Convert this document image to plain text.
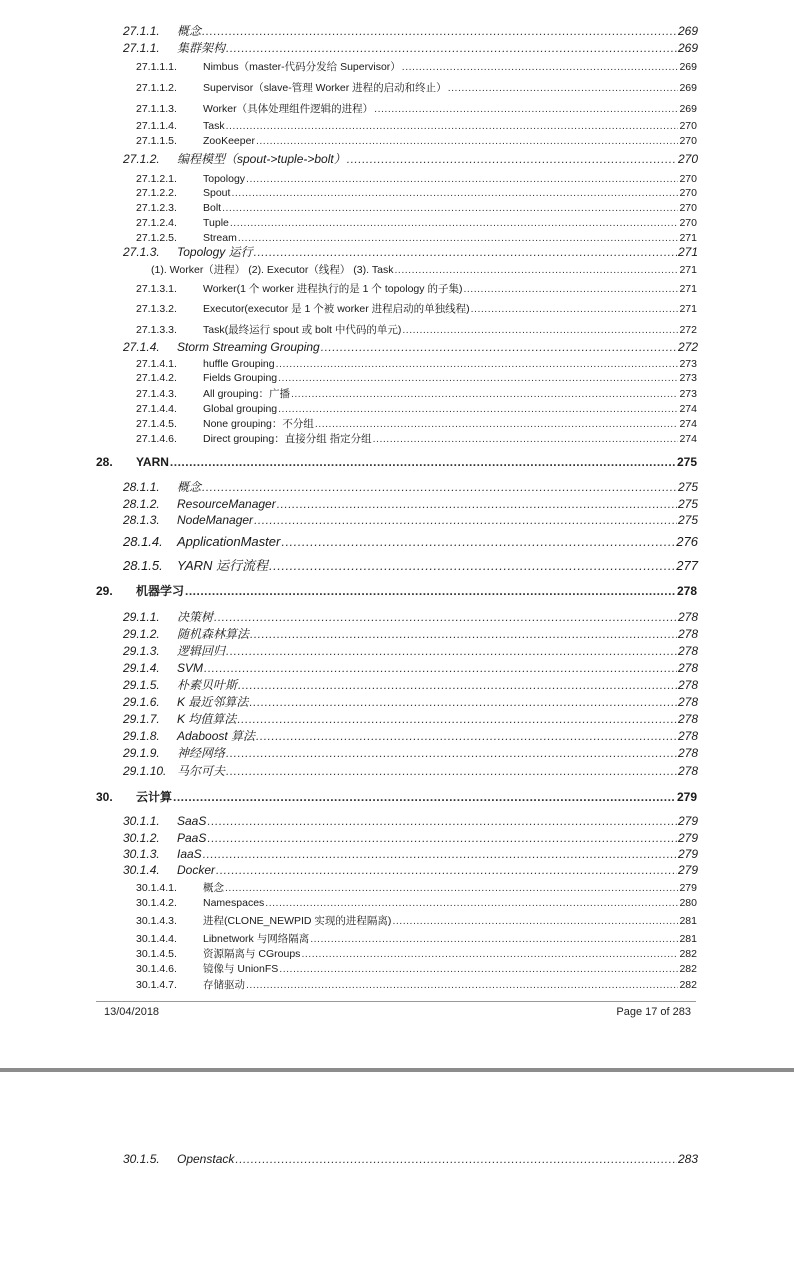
27.1.1.	概念 .....	269
27.1.1.	集群架构 .....	269
27.1.1.1.	Nimbus（master-代码分发给 Supervisor） .....	269
27.1.1.2.	Supervisor（slave-管理 Worker 进程的启动和终止） .....	269
27.1.1.3.	Worker（具体处理组件逻辑的进程） .....	269
27.1.1.4.	Task .....	270
27.1.1.5.	ZooKeeper .....	270
27.1.2.	编程模型（spout->tuple->bolt） .....	270
27.1.2.1.	Topology .....	270
27.1.2.2.	Spout .....	270
27.1.2.3.	Bolt .....	270
27.1.2.4.	Tuple .....	270
27.1.2.5.	Stream .....	271
27.1.3.	Topology 运行 .....	271
(1). Worker（进程） (2). Executor（线程） (3). Task .....	271
27.1.3.1.	Worker(1 个 worker 进程执行的是 1 个 topology 的子集) .....	271
27.1.3.2.	Executor(executor 是 1 个被 worker 进程启动的单独线程) .....	271
27.1.3.3.	Task(最终运行 spout 或 bolt 中代码的单元) .....	272
27.1.4.	Storm Streaming Grouping .....	272
27.1.4.1.	huffle Grouping .....	273
27.1.4.2.	Fields Grouping .....	273
27.1.4.3.	All grouping：广播 .....	273
27.1.4.4.	Global grouping .....	274
27.1.4.5.	None grouping：不分组 .....	274
27.1.4.6.	Direct grouping：直接分组 指定分组 .....	274
28.	YARN .....	275
28.1.1.	概念 .....	275
28.1.2.	ResourceManager .....	275
28.1.3.	NodeManager .....	275
28.1.4.	ApplicationMaster .....	276
28.1.5.	YARN 运行流程 .....	277
29.	机器学习 .....	278
29.1.1.	决策树 .....	278
29.1.2.	随机森林算法 .....	278
29.1.3.	逻辑回归 .....	278
29.1.4.	SVM .....	278
29.1.5.	朴素贝叶斯 .....	278
29.1.6.	K 最近邻算法 .....	278
29.1.7.	K 均值算法 .....	278
29.1.8.	Adaboost 算法 .....	278
29.1.9.	神经网络 .....	278
29.1.10. 马尔可夫 .....	278
30.	云计算 .....	279
30.1.1.	SaaS .....	279
30.1.2.	PaaS .....	279
30.1.3.	IaaS .....	279
30.1.4.	Docker .....	279
30.1.4.1.	概念 .....	279
30.1.4.2.	Namespaces .....	280
30.1.4.3.	进程(CLONE_NEWPID 实现的进程隔离) .....	281
30.1.4.4.	Libnetwork 与网络隔离 .....	281
30.1.4.5.	资源隔离与 CGroups .....	282
30.1.4.6.	镜像与 UnionFS .....	282
30.1.4.7.	存储驱动 .....	282
13/04/2018	Page 17 of 283
30.1.5.	Openstack .....	283
